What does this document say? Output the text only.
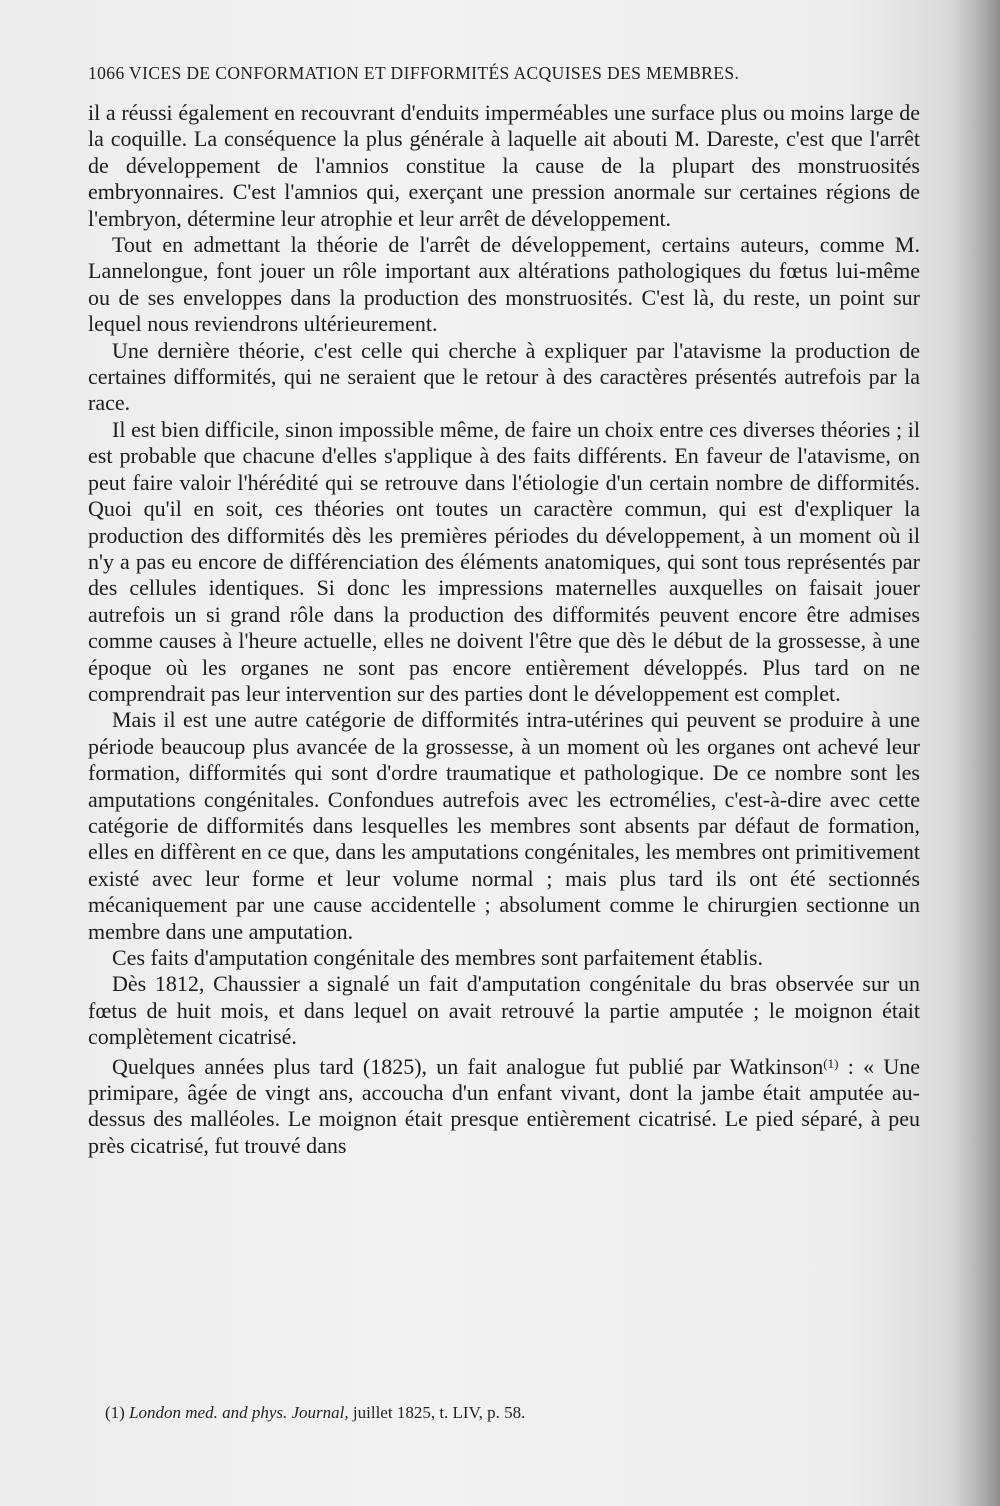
1066 VICES DE CONFORMATION ET DIFFORMITÉS ACQUISES DES MEMBRES.

il a réussi également en recouvrant d'enduits imperméables une surface plus ou moins large de la coquille. La conséquence la plus générale à laquelle ait abouti M. Dareste, c'est que l'arrêt de développement de l'amnios constitue la cause de la plupart des monstruosités embryonnaires. C'est l'amnios qui, exerçant une pression anormale sur certaines régions de l'embryon, détermine leur atrophie et leur arrêt de développement.

Tout en admettant la théorie de l'arrêt de développement, certains auteurs, comme M. Lannelongue, font jouer un rôle important aux altérations pathologiques du fœtus lui-même ou de ses enveloppes dans la production des monstruosités. C'est là, du reste, un point sur lequel nous reviendrons ultérieurement.

Une dernière théorie, c'est celle qui cherche à expliquer par l'atavisme la production de certaines difformités, qui ne seraient que le retour à des caractères présentés autrefois par la race.

Il est bien difficile, sinon impossible même, de faire un choix entre ces diverses théories ; il est probable que chacune d'elles s'applique à des faits différents. En faveur de l'atavisme, on peut faire valoir l'hérédité qui se retrouve dans l'étiologie d'un certain nombre de difformités. Quoi qu'il en soit, ces théories ont toutes un caractère commun, qui est d'expliquer la production des difformités dès les premières périodes du développement, à un moment où il n'y a pas eu encore de différenciation des éléments anatomiques, qui sont tous représentés par des cellules identiques. Si donc les impressions maternelles auxquelles on faisait jouer autrefois un si grand rôle dans la production des difformités peuvent encore être admises comme causes à l'heure actuelle, elles ne doivent l'être que dès le début de la grossesse, à une époque où les organes ne sont pas encore entièrement développés. Plus tard on ne comprendrait pas leur intervention sur des parties dont le développement est complet.

Mais il est une autre catégorie de difformités intra-utérines qui peuvent se produire à une période beaucoup plus avancée de la grossesse, à un moment où les organes ont achevé leur formation, difformités qui sont d'ordre traumatique et pathologique. De ce nombre sont les amputations congénitales. Confondues autrefois avec les ectromélies, c'est-à-dire avec cette catégorie de difformités dans lesquelles les membres sont absents par défaut de formation, elles en diffèrent en ce que, dans les amputations congénitales, les membres ont primitivement existé avec leur forme et leur volume normal ; mais plus tard ils ont été sectionnés mécaniquement par une cause accidentelle ; absolument comme le chirurgien sectionne un membre dans une amputation.

Ces faits d'amputation congénitale des membres sont parfaitement établis.

Dès 1812, Chaussier a signalé un fait d'amputation congénitale du bras observée sur un fœtus de huit mois, et dans lequel on avait retrouvé la partie amputée ; le moignon était complètement cicatrisé.

Quelques années plus tard (1825), un fait analogue fut publié par Watkinson$^{(1)}$ : « Une primipare, âgée de vingt ans, accoucha d'un enfant vivant, dont la jambe était amputée au-dessus des malléoles. Le moignon était presque entièrement cicatrisé. Le pied séparé, à peu près cicatrisé, fut trouvé dans

(1) London med. and phys. Journal, juillet 1825, t. LIV, p. 58.
